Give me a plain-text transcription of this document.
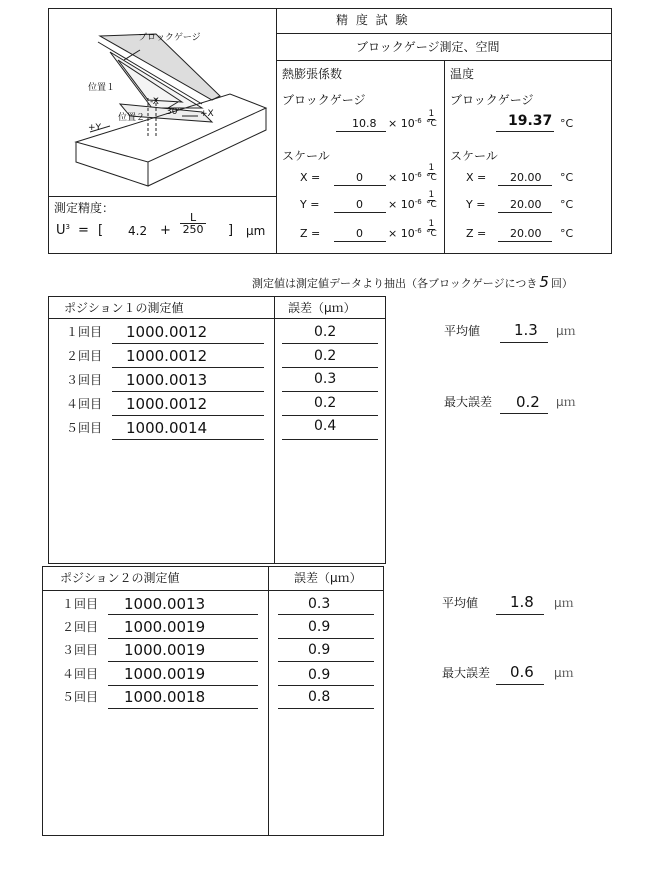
精 度 試 験
ブロックゲージ測定、空間
ブロックゲージ
位置１
位置２
30°
+Y
+X
-X
測定精度：
$U^3$ = [ $4.2 + \frac{L}{250}$ ] μm
熱膨張係数
ブロックゲージ
$10.8 \times 10^{-6} \frac{1}{^\circ C}$
スケール
X =	$0 \times 10^{-6} \frac{1}{^\circ C}$
Y =	$0 \times 10^{-6} \frac{1}{^\circ C}$
Z =	$0 \times 10^{-6} \frac{1}{^\circ C}$
温度
ブロックゲージ
19.37 °C
スケール
X = 20.00 °C
Y = 20.00 °C
Z = 20.00 °C
測定値は測定値データより抽出（各ブロックゲージにつき 5 回）
ポジション１の測定値	誤差（μｍ）
１回目 1000.0012	0.2
２回目 1000.0012	0.2
３回目 1000.0013	0.3
４回目 1000.0012	0.2
５回目 1000.0014	0.4
平均値 1.3 μｍ
最大誤差 0.2 μｍ
ポジション２の測定値	誤差（μｍ）
１回目 1000.0013	0.3
２回目 1000.0019	0.9
３回目 1000.0019	0.9
４回目 1000.0019	0.9
５回目 1000.0018	0.8
平均値 1.8 μｍ
最大誤差 0.6 μｍ
